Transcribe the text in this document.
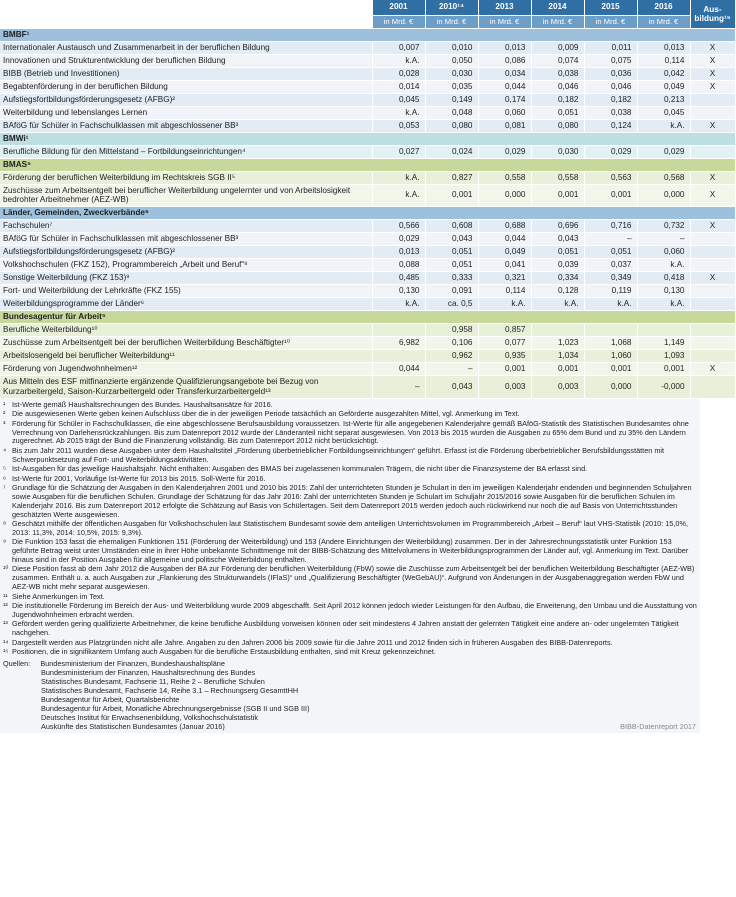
	2001	2010¹⁴	2013	2014	2015	2016	Aus-bildung¹⁵
	in Mrd. €	in Mrd. €	in Mrd. €	in Mrd. €	in Mrd. €	in Mrd. €	
BMBF¹							
Internationaler Austausch und Zusammenarbeit in der beruflichen Bildung	0,007	0,010	0,013	0,009	0,011	0,013	X
Innovationen und Strukturentwicklung der beruflichen Bildung	k.A.	0,050	0,086	0,074	0,075	0,114	X
BIBB (Betrieb und Investitionen)	0,028	0,030	0,034	0,038	0,036	0,042	X
Begabtenförderung in der beruflichen Bildung	0,014	0,035	0,044	0,046	0,046	0,049	X
Aufstiegsfortbildungsförderungsgesetz (AFBG)²	0,045	0,149	0,174	0,182	0,182	0,213	
Weiterbildung und lebenslanges Lernen	k.A.	0,048	0,060	0,051	0,038	0,045	
BAföG für Schüler in Fachschulklassen mit abgeschlossener BB³	0,053	0,080	0,081	0,080	0,124	k.A.	X
BMWi¹							
Berufliche Bildung für den Mittelstand – Fortbildungseinrichtungen⁴	0,027	0,024	0,029	0,030	0,029	0,029	
BMAS⁵							
Förderung der beruflichen Weiterbildung im Rechtskreis SGB II⁵	k.A.	0,827	0,558	0,558	0,563	0,568	X
Zuschüsse zum Arbeitsentgelt bei beruflicher Weiterbildung ungelernter und von Arbeitslosigkeit bedrohter Arbeitnehmer (AEZ-WB)	k.A.	0,001	0,000	0,001	0,001	0,000	X
Länder, Gemeinden, Zweckverbände⁶							
Fachschulen⁷	0,566	0,608	0,688	0,696	0,716	0,732	X
BAföG für Schüler in Fachschulklassen mit abgeschlossener BB³	0,029	0,043	0,044	0,043	–	–	
Aufstiegsfortbildungsförderungsgesetz (AFBG)²	0,013	0,051	0,049	0,051	0,051	0,060	
Volkshochschulen (FKZ 152), Programmbereich „Arbeit und Beruf“⁸	0,088	0,051	0,041	0,039	0,037	k.A.	
Sonstige Weiterbildung (FKZ 153)⁹	0,485	0,333	0,321	0,334	0,349	0,418	X
Fort- und Weiterbildung der Lehrkräfte (FKZ 155)	0,130	0,091	0,114	0,128	0,119	0,130	
Weiterbildungsprogramme der Länder⁶	k.A.	ca. 0,5	k.A.	k.A.	k.A.	k.A.	
Bundesagentur für Arbeit⁵							
Berufliche Weiterbildung¹⁰		0,958	0,857				
Zuschüsse zum Arbeitsentgelt bei der beruflichen Weiterbildung Beschäftigter¹⁰	6,982	0,106	0,077	1,023	1,068	1,149	
Arbeitslosengeld bei beruflicher Weiterbildung¹¹		0,962	0,935	1,034	1,060	1,093	
Förderung von Jugendwohnheimen¹²	0,044	–	0,001	0,001	0,001	0,001	X
Aus Mitteln des ESF mitfinanzierte ergänzende Qualifizierungsangebote bei Bezug von Kurzarbeitergeld, Saison-Kurzarbeitergeld oder Transferkurzarbeitergeld¹³	–	0,043	0,003	0,003	0,000	-0,000	
¹ Ist-Werte gemäß Haushaltsrechnungen des Bundes. Haushaltsansätze für 2016.
² Die ausgewiesenen Werte geben keinen Aufschluss über die in der jeweiligen Periode tatsächlich an Geförderte ausgezahlten Mittel, vgl. Anmerkung im Text.
³ Förderung für Schüler in Fachschulklassen, die eine abgeschlossene Berufsausbildung voraussetzen. Ist-Werte für alle angegebenen Kalenderjahre gemäß BAföG-Statistik des Statistischen Bundesamtes ohne Verrechnung von Darlehensrückzahlungen. Bis zum Datenreport 2012 wurde der Länderanteil nicht separat ausgewiesen. Von 2013 bis 2015 wurden die Ausgaben zu 65% dem Bund und zu 35% den Ländern zugerechnet. Ab 2015 trägt der Bund die Finanzierung vollständig. Bis zum Datenreport 2012 nicht berücksichtigt.
⁴ Bis zum Jahr 2011 wurden diese Ausgaben unter dem Haushaltstitel „Förderung überbetrieblicher Fortbildungseinrichtungen“ geführt. Erfasst ist die Förderung überbetrieblicher Berufsbildungsstätten mit Schwerpunktsetzung auf Fort- und Weiterbildungsaktivitäten.
⁵ Ist-Ausgaben für das jeweilige Haushaltsjahr. Nicht enthalten: Ausgaben des BMAS bei zugelassenen kommunalen Trägern, die nicht über die Finanzsysteme der BA erfasst sind.
⁶ Ist-Werte für 2001, Vorläufige Ist-Werte für 2013 bis 2015. Soll-Werte für 2016.
⁷ Grundlage für die Schätzung der Ausgaben in den Kalenderjahren 2001 und 2010 bis 2015: Zahl der unterrichteten Stunden je Schulart in den im jeweiligen Kalenderjahr endenden und beginnenden Schuljahren sowie Ausgaben für die beruflichen Schulen. Grundlage der Schätzung für das Jahr 2016: Zahl der unterrichteten Stunden je Schulart im Schuljahr 2015/2016 sowie Ausgaben für die beruflichen Schulen im Kalenderjahr 2016. Bis zum Datenreport 2012 erfolgte die Schätzung auf Basis von Schülertagen. Seit dem Datenreport 2015 werden jedoch auch rückwirkend nur noch die auf Basis von Unterrichtsstunden geschätzten Werte ausgewiesen.
⁸ Geschätzt mithilfe der öffentlichen Ausgaben für Volkshochschulen laut Statistischem Bundesamt sowie dem anteiligen Unterrichtsvolumen im Programmbereich „Arbeit – Beruf“ laut VHS-Statistik (2010: 15,0%, 2013: 11,3%, 2014: 10,5%, 2015: 9,3%).
⁹ Die Funktion 153 fasst die ehemaligen Funktionen 151 (Förderung der Weiterbildung) und 153 (Andere Einrichtungen der Weiterbildung) zusammen. Der in der Jahresrechnungsstatistik unter Funktion 153 geführte Betrag weist unter Umständen eine in ihrer Höhe unbekannte Schnittmenge mit der BIBB-Schätzung des Mittelvolumens in Weiterbildungsprogrammen der Länder auf, vgl. Anmerkung im Text. Darüber hinaus sind in der Position Ausgaben für allgemeine und politische Weiterbildung enthalten.
¹⁰ Diese Position fasst ab dem Jahr 2012 die Ausgaben der BA zur Förderung der beruflichen Weiterbildung (FbW) sowie die Zuschüsse zum Arbeitsentgelt bei der beruflichen Weiterbildung Beschäftigter (AEZ-WB) zusammen. Enthält u. a. auch Ausgaben zur „Flankierung des Strukturwandels (IFlaS)“ und „Qualifizierung Beschäftigter (WeGebAU)“. Aufgrund von Änderungen in der Ausgabenaggregation werden FbW und AEZ-WB nicht mehr separat ausgewiesen.
¹¹ Siehe Anmerkungen im Text.
¹² Die institutionelle Förderung im Bereich der Aus- und Weiterbildung wurde 2009 abgeschafft. Seit April 2012 können jedoch wieder Leistungen für den Aufbau, die Erweiterung, den Umbau und die Ausstattung von Jugendwohnheimen erbracht werden.
¹³ Gefördert werden gering qualifizierte Arbeitnehmer, die keine berufliche Ausbildung vorweisen können oder seit mindestens 4 Jahren anstatt der gelernten Tätigkeit eine andere an- oder ungelernten Tätigkeit nachgehen.
¹⁴ Dargestellt werden aus Platzgründen nicht alle Jahre. Angaben zu den Jahren 2006 bis 2009 sowie für die Jahre 2011 und 2012 finden sich in früheren Ausgaben des BIBB-Datenreports.
¹⁵ Positionen, die in signifikantem Umfang auch Ausgaben für die berufliche Erstausbildung enthalten, sind mit Kreuz gekennzeichnet.
Quellen: Bundesministerium der Finanzen, Bundeshaushaltspläne
Bundesministerium der Finanzen, Haushaltsrechnung des Bundes
Statistisches Bundesamt, Fachserie 11, Reihe 2 – Berufliche Schulen
Statistisches Bundesamt, Fachserie 14, Reihe 3.1 – Rechnungserg GesamttHH
Bundesagentur für Arbeit, Quartalsberichte
Bundesagentur für Arbeit, Monatliche Abrechnungsergebnisse (SGB II und SGB III)
Deutsches Institut für Erwachsenenbildung, Volkshochschulstatistik
Auskünfte des Statistischen Bundesamtes (Januar 2016)	BIBB-Datenreport 2017
